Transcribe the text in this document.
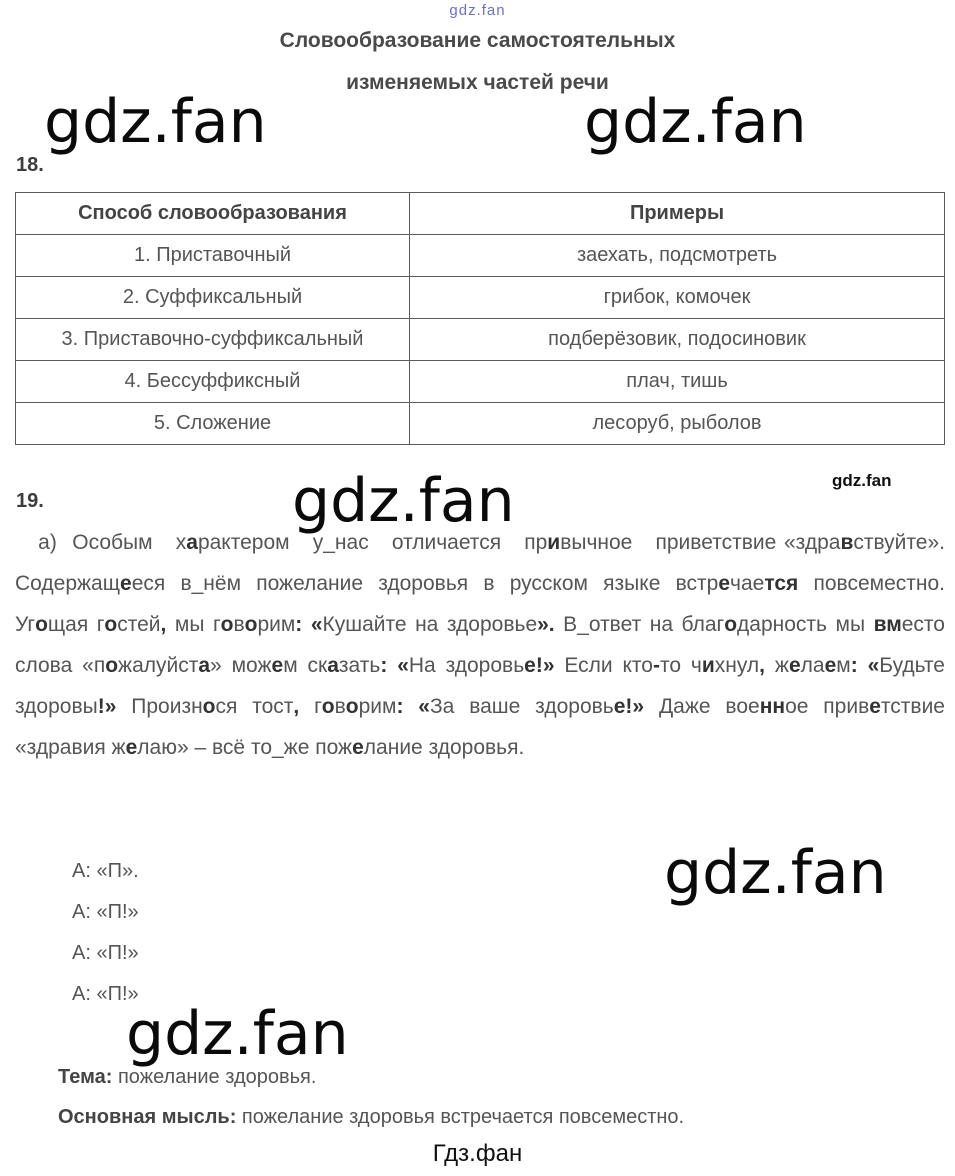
gdz.fan
Словообразование самостоятельных
изменяемых частей речи
gdz.fan	gdz.fan
18.
Способ словообразования	Примеры
1. Приставочный	заехать, подсмотреть
2. Суффиксальный	грибок, комочек
3. Приставочно-суффиксальный	подберёзовик, подосиновик
4. Бессуффиксный	плач, тишь
5. Сложение	лесоруб, рыболов
19.	gdz.fan	gdz.fan
а)  Особым   характером   у_нас   отличается   привычное   приветствие «здравствуйте». Содержащееся в_нём пожелание здоровья в русском языке встречается повсеместно. Угощая гостей, мы говорим: «Кушайте на здоровье». В_ответ на благодарность мы вместо слова «пожалуйста» можем сказать: «На здоровье!» Если кто-то чихнул, желаем: «Будьте здоровы!» Произнося тост, говорим: «За ваше здоровье!» Даже военное приветствие «здравия желаю» – всё то_же пожелание здоровья.
А: «П».
А: «П!»
А: «П!»
А: «П!»
gdz.fan
gdz.fan
Тема: пожелание здоровья.
Основная мысль: пожелание здоровья встречается повсеместно.
Гдз.фан
